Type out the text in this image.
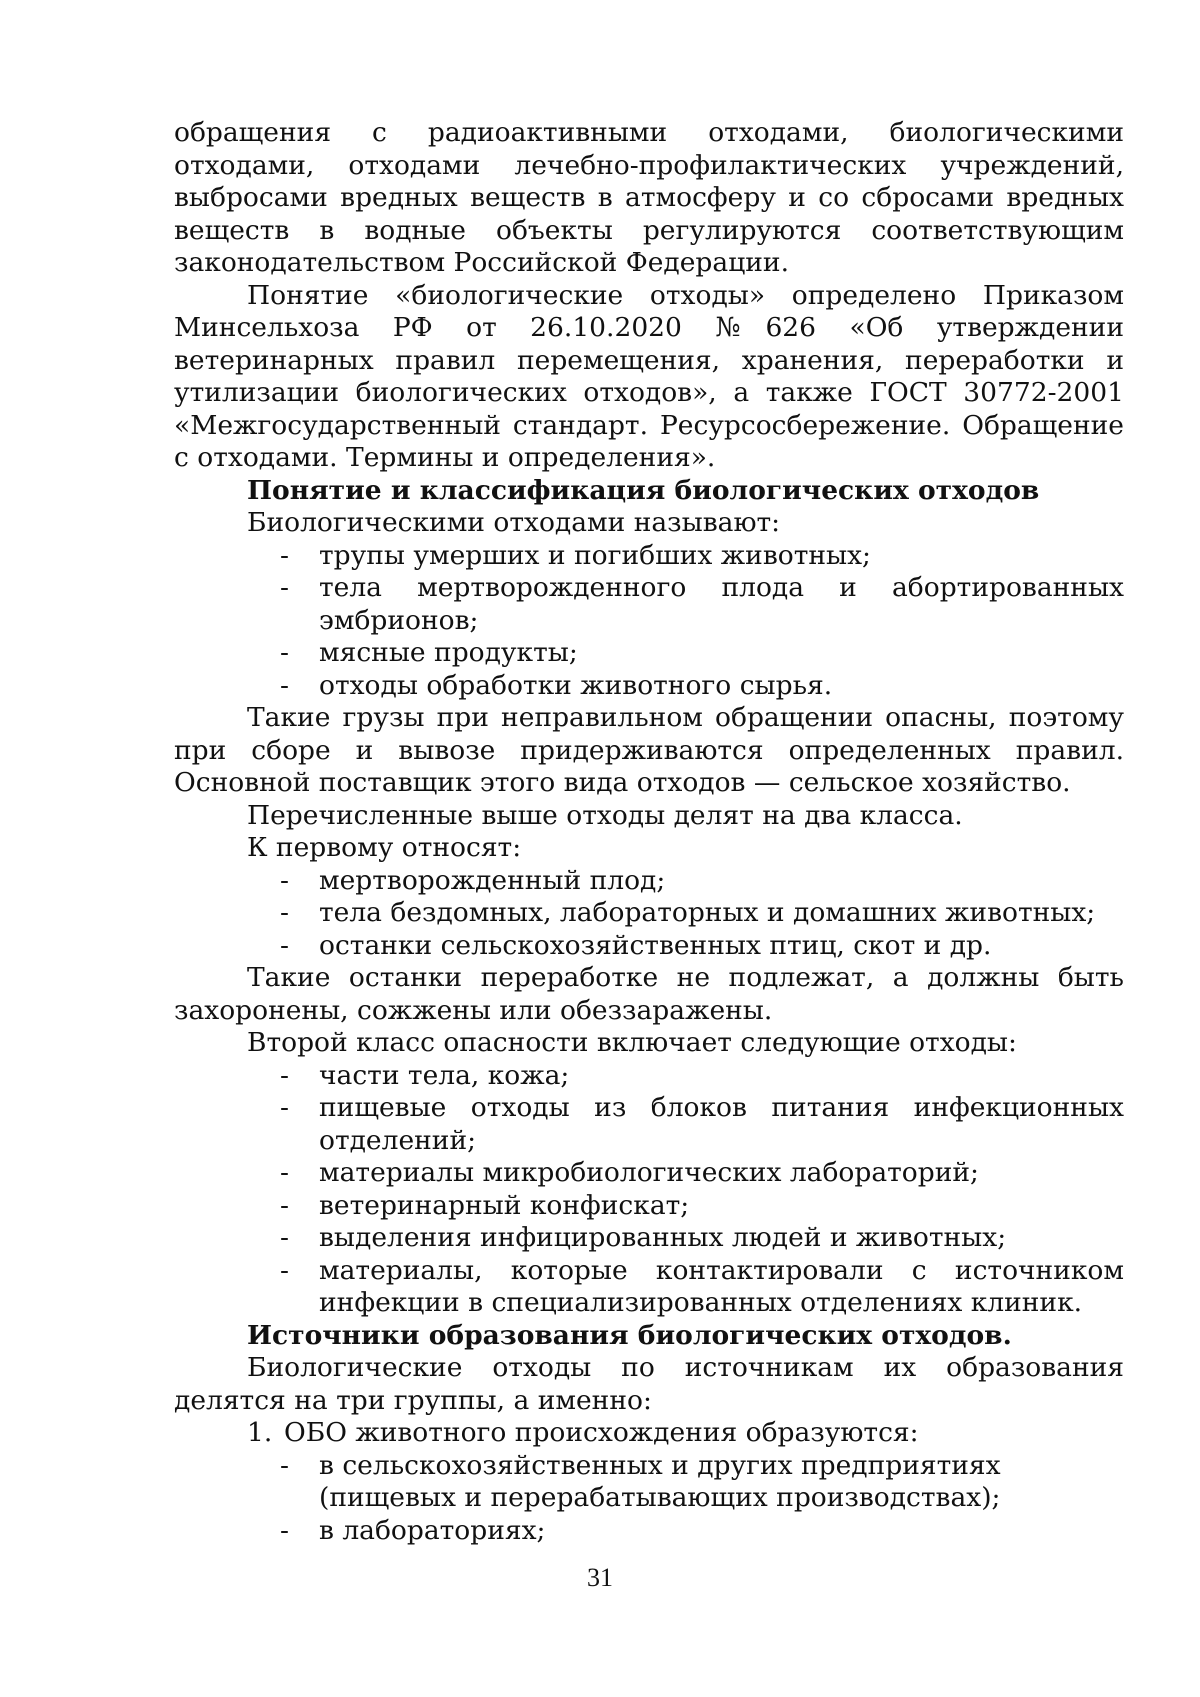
обращения с радиоактивными отходами, биологическими отходами, отходами лечебно-профилактических учреждений, выбросами вредных веществ в атмосферу и со сбросами вредных веществ в водные объекты регулируются соответствующим законодательством Российской Федерации.

Понятие «биологические отходы» определено Приказом Минсельхоза РФ от 26.10.2020 №626 «Об утверждении ветеринарных правил перемещения, хранения, переработки и утилизации биологических отходов», а также ГОСТ 30772-2001 «Межгосударственный стандарт. Ресурсосбережение. Обращение с отходами. Термины и определения».

Понятие и классификация биологических отходов

Биологическими отходами называют:

- трупы умерших и погибших животных;
- тела мертворожденного плода и абортированных эмбрионов;
- мясные продукты;
- отходы обработки животного сырья.

Такие грузы при неправильном обращении опасны, поэтому при сборе и вывозе придерживаются определенных правил. Основной поставщик этого вида отходов — сельское хозяйство.

Перечисленные выше отходы делят на два класса.

К первому относят:

- мертворожденный плод;
- тела бездомных, лабораторных и домашних животных;
- останки сельскохозяйственных птиц, скот и др.

Такие останки переработке не подлежат, а должны быть захоронены, сожжены или обеззаражены.

Второй класс опасности включает следующие отходы:

- части тела, кожа;
- пищевые отходы из блоков питания инфекционных отделений;
- материалы микробиологических лабораторий;
- ветеринарный конфискат;
- выделения инфицированных людей и животных;
- материалы, которые контактировали с источником инфекции в специализированных отделениях клиник.

Источники образования биологических отходов.

Биологические отходы по источникам их образования делятся на три группы, а именно:

1. ОБО животного происхождения образуются:

- в сельскохозяйственных и других предприятиях (пищевых и перерабатывающих производствах);
- в лабораториях;
31
